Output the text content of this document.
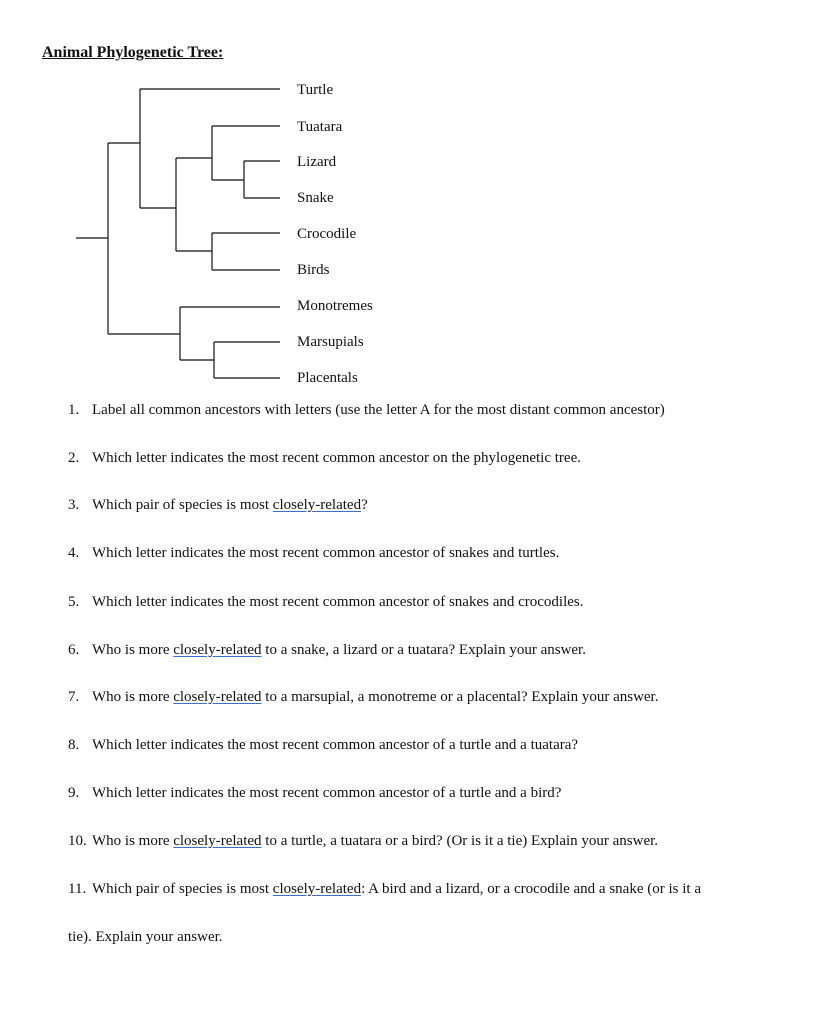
Animal Phylogenetic Tree:
Turtle
Tuatara
Lizard
Snake
Crocodile
Birds
Monotremes
Marsupials
Placentals

1. Label all common ancestors with letters (use the letter A for the most distant common ancestor)

2. Which letter indicates the most recent common ancestor on the phylogenetic tree.

3. Which pair of species is most closely-related?

4. Which letter indicates the most recent common ancestor of snakes and turtles.

5. Which letter indicates the most recent common ancestor of snakes and crocodiles.

6. Who is more closely-related to a snake, a lizard or a tuatara? Explain your answer.

7. Who is more closely-related to a marsupial, a monotreme or a placental? Explain your answer.

8. Which letter indicates the most recent common ancestor of a turtle and a tuatara?

9. Which letter indicates the most recent common ancestor of a turtle and a bird?

10. Who is more closely-related to a turtle, a tuatara or a bird? (Or is it a tie) Explain your answer.

11. Which pair of species is most closely-related: A bird and a lizard, or a crocodile and a snake (or is it a

tie). Explain your answer.
